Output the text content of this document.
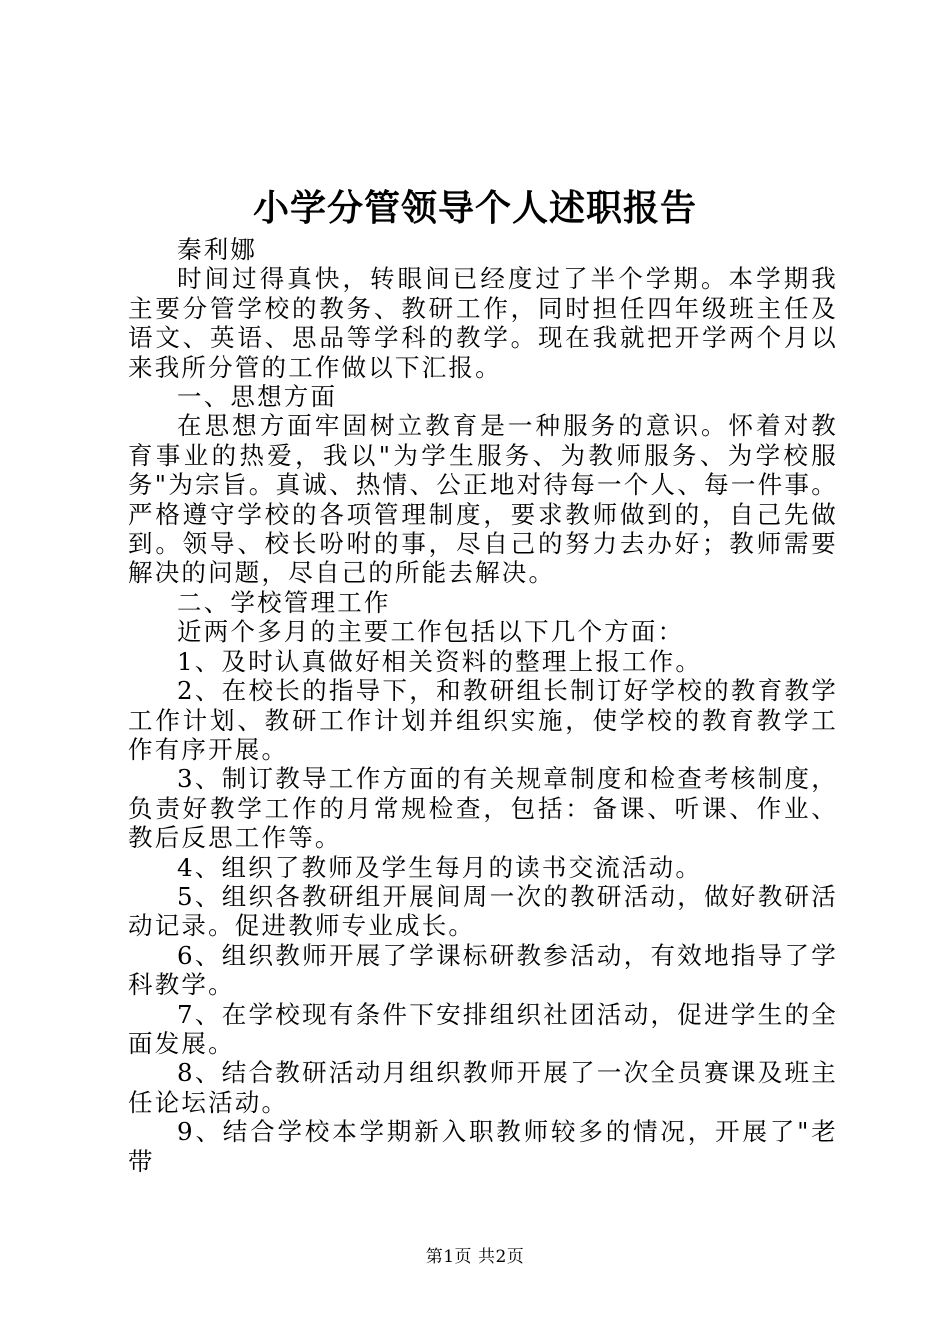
小学分管领导个人述职报告

秦利娜

时间过得真快，转眼间已经度过了半个学期。本学期我主要分管学校的教务、教研工作，同时担任四年级班主任及语文、英语、思品等学科的教学。现在我就把开学两个月以来我所分管的工作做以下汇报。

一、思想方面

在思想方面牢固树立教育是一种服务的意识。怀着对教育事业的热爱，我以"为学生服务、为教师服务、为学校服务"为宗旨。真诚、热情、公正地对待每一个人、每一件事。严格遵守学校的各项管理制度，要求教师做到的，自己先做到。领导、校长吩咐的事，尽自己的努力去办好；教师需要解决的问题，尽自己的所能去解决。

二、学校管理工作

近两个多月的主要工作包括以下几个方面：

1、及时认真做好相关资料的整理上报工作。

2、在校长的指导下，和教研组长制订好学校的教育教学工作计划、教研工作计划并组织实施，使学校的教育教学工作有序开展。

3、制订教导工作方面的有关规章制度和检查考核制度，负责好教学工作的月常规检查，包括：备课、听课、作业、教后反思工作等。

4、组织了教师及学生每月的读书交流活动。

5、组织各教研组开展间周一次的教研活动，做好教研活动记录。促进教师专业成长。

6、组织教师开展了学课标研教参活动，有效地指导了学科教学。

7、在学校现有条件下安排组织社团活动，促进学生的全面发展。

8、结合教研活动月组织教师开展了一次全员赛课及班主任论坛活动。

9、结合学校本学期新入职教师较多的情况，开展了"老带

第1页 共2页
